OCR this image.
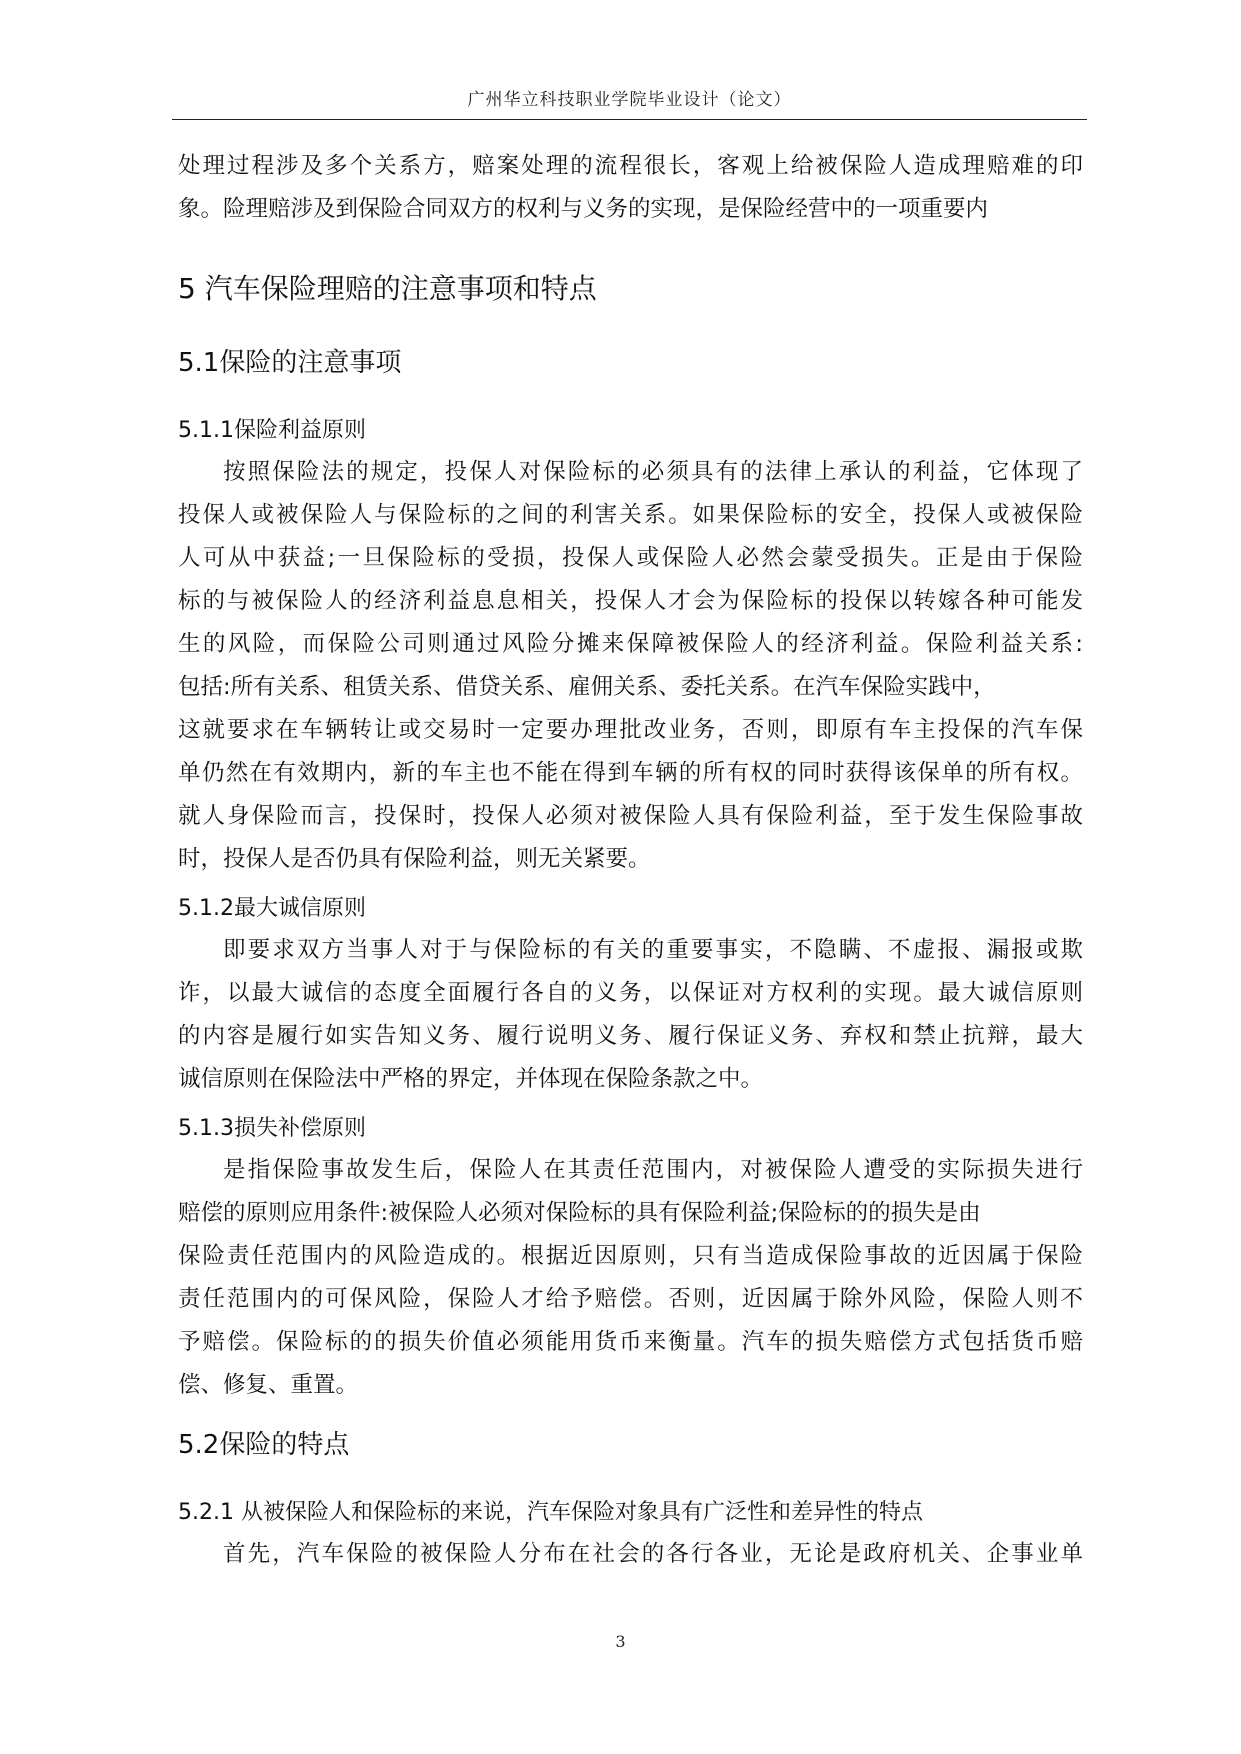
广州华立科技职业学院毕业设计（论文）
处理过程涉及多个关系方，赔案处理的流程很长，客观上给被保险人造成理赔难的印
象。险理赔涉及到保险合同双方的权利与义务的实现，是保险经营中的一项重要内
5 汽车保险理赔的注意事项和特点
5.1保险的注意事项
5.1.1保险利益原则
按照保险法的规定，投保人对保险标的必须具有的法律上承认的利益，它体现了
投保人或被保险人与保险标的之间的利害关系。如果保险标的安全，投保人或被保险
人可从中获益;一旦保险标的受损，投保人或保险人必然会蒙受损失。正是由于保险
标的与被保险人的经济利益息息相关，投保人才会为保险标的投保以转嫁各种可能发
生的风险，而保险公司则通过风险分摊来保障被保险人的经济利益。保险利益关系:
包括:所有关系、租赁关系、借贷关系、雇佣关系、委托关系。在汽车保险实践中，
这就要求在车辆转让或交易时一定要办理批改业务，否则，即原有车主投保的汽车保
单仍然在有效期内，新的车主也不能在得到车辆的所有权的同时获得该保单的所有权。
就人身保险而言，投保时，投保人必须对被保险人具有保险利益，至于发生保险事故
时，投保人是否仍具有保险利益，则无关紧要。
5.1.2最大诚信原则
即要求双方当事人对于与保险标的有关的重要事实，不隐瞒、不虚报、漏报或欺
诈，以最大诚信的态度全面履行各自的义务，以保证对方权利的实现。最大诚信原则
的内容是履行如实告知义务、履行说明义务、履行保证义务、弃权和禁止抗辩，最大
诚信原则在保险法中严格的界定，并体现在保险条款之中。
5.1.3损失补偿原则
是指保险事故发生后，保险人在其责任范围内，对被保险人遭受的实际损失进行
赔偿的原则应用条件:被保险人必须对保险标的具有保险利益;保险标的的损失是由
保险责任范围内的风险造成的。根据近因原则，只有当造成保险事故的近因属于保险
责任范围内的可保风险，保险人才给予赔偿。否则，近因属于除外风险，保险人则不
予赔偿。保险标的的损失价值必须能用货币来衡量。汽车的损失赔偿方式包括货币赔
偿、修复、重置。
5.2保险的特点
5.2.1 从被保险人和保险标的来说，汽车保险对象具有广泛性和差异性的特点
首先，汽车保险的被保险人分布在社会的各行各业，无论是政府机关、企事业单
3
